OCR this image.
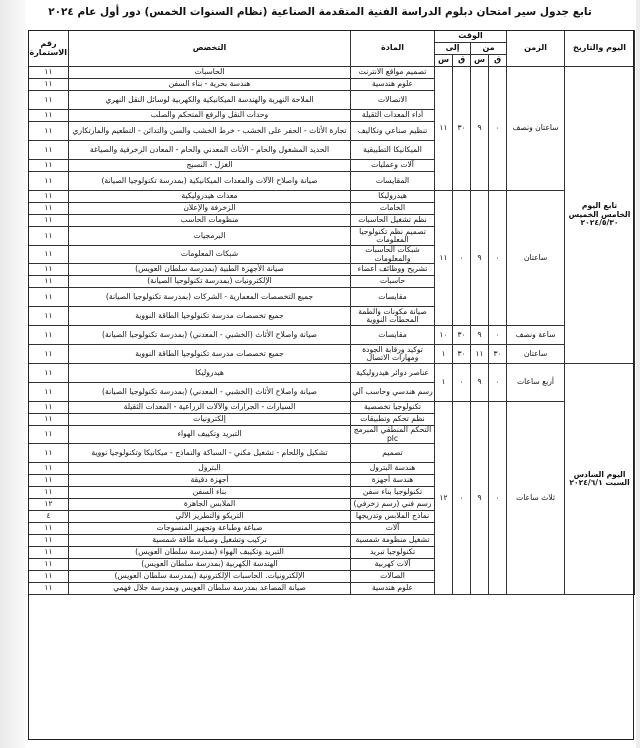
تابع جدول سير امتحان دبلوم الدراسة الفنية المتقدمة الصناعية (نظام السنوات الخمس) دور أول عام ٢٠٢٤
اليوم والتاريخ	الزمن	الوقت				المادة	التخصص	رقم الاستمارة
		من		إلى				
		ق	س	ق	س			
تابع اليوم الخامس الخميس ٢٠٢٤/٥/٣٠	ساعتان ونصف	٠	٩	٣٠	١١	تصميم مواقع الانترنت	الحاسبات	١١
						علوم هندسية	هندسة بحرية - بناء السفن	١١
						الاتصالات	الملاحة النهرية والهندسة الميكانيكية والكهربية لوسائل النقل النهري	١١
						أداء المعدات الثقيلة	وحدات النقل والرفع المتحكم والصلب	١١
						تنظيم صناعي وتكاليف	تجارة الأثاث - الحفر على الخشب - خرط الخشب والسن والتدائن - التطعيم والمارتكاري	١١
						الميكانيكا التطبيقية	الحديد المشغول والحام - الأثاث المعدني والحام - المعادن الزخرفية والصياغة	١١
						آلات وعمليات	الغزل - النسيج	١١
						المقايسات	صيانة واصلاح الآلات والمعدات الميكانيكية (بمدرسة تكنولوجيا الصيانة)	١١
	ساعتان	٠	٩	٠	١١	هيدروليكا	معدات هيدروليكية	١١
						الخامات	الزخرفة والإعلان	١١
						نظم تشغيل الحاسبات	منظومات الحاسب	١١
						تصميم نظم تكنولوجيا المعلومات	البرمجيات	١١
						شبكات الحاسبات والمعلومات	شبكات المعلومات	١١
						تشريح ووظائف أعضاء	صيانة الأجهزة الطبية (بمدرسة سلطان العويس)	١١
						حاسبات	الإلكترونيات (بمدرسة تكنولوجيا الصيانة)	١١
						مقايسات	جميع التخصصات المعمارية - الشركات (بمدرسة تكنولوجيا الصيانة)	١١
						صيانة مكونات والطمة المحطات النووية	جميع تخصصات مدرسة تكنولوجيا الطاقة النووية	١١
	ساعة ونصف	٠	٩	٣٠	١٠	مقايسات	صيانة واصلاح الأثاث (الخشبي - المعدني) (بمدرسة تكنولوجيا الصيانة)	١١
	ساعتان	٣٠	١١	٣٠	١	توكيد ورقابة الجودة ومهارات الاتصال	جميع تخصصات مدرسة تكنولوجيا الطاقة النووية	١١
اليوم السادس السبت ٢٠٢٤/٦/١	أربع ساعات	٠	٩	٠	١	عناصر دوائر هيدروليكية	هيدروليكا	١١
						رسم هندسي وحاسب آلي	صيانة واصلاح الأثاث (الخشبي - المعدني) (بمدرسة تكنولوجيا الصيانة)	١١
	ثلاث ساعات	٠	٩	٠	١٢	تكنولوجيا تخصصية	السيارات - الجرارات والآلات الزراعية - المعدات الثقيلة	١١
						نظم تحكم وتطبيقات	إلكترونيات	١١
						التحكم المنطقي المبرمج plc	التبريد وتكييف الهواء	١١
						تصميم	تشكيل واللحام - تشغيل مكني - السباكة والنماذج - ميكانيكا وتكنولوجيا نووية	١١
						هندسة البترول	البترول	١١
						هندسة أجهزة	أجهزة دقيقة	١١
						تكنولوجيا بناء سفن	بناء السفن	١١
						رسم فني (رسم زخرفي)	الملابس الجاهزة	١٢
						نماذج الملابس وتدريجها	التريكو والتطريز الآلي	٤
						آلات	صباغة وطباعة وتجهيز المنسوجات	١١
						تشغيل منظومة شمسية	تركيب وتشغيل وصيانة طاقة شمسية	١١
						تكنولوجيا تبريد	التبريد وتكييف الهواء (بمدرسة سلطان العويس)	١١
						آلات كهربية	الهندسة الكهربية (بمدرسة سلطان العويس)	١١
						الصالات	الإلكترونيات. الحاسبات الإلكترونية (بمدرسة سلطان العويس)	١١
						علوم هندسية	صيانة المصاعد بمدرسة سلطان العويس وبمدرسة جلال فهمي	١١
